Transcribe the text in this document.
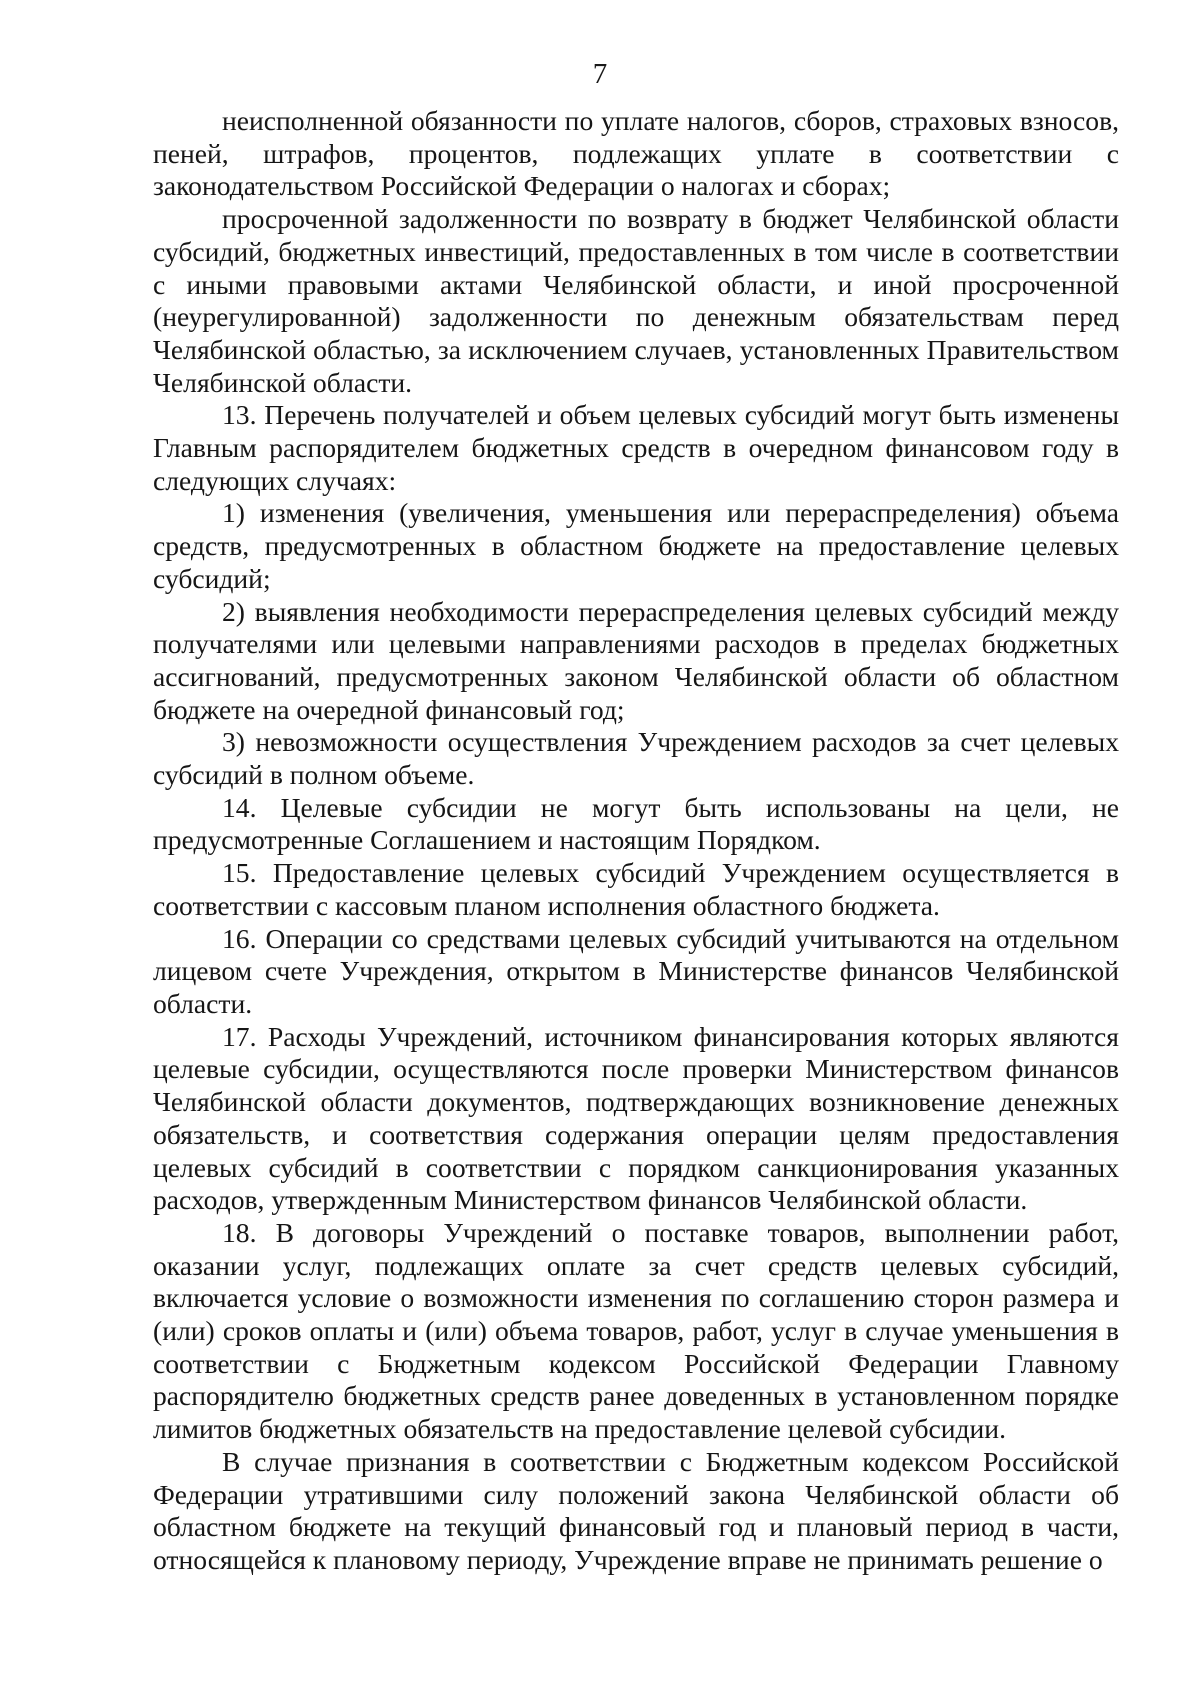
7

неисполненной обязанности по уплате налогов, сборов, страховых взносов, пеней, штрафов, процентов, подлежащих уплате в соответствии с законодательством Российской Федерации о налогах и сборах;

просроченной задолженности по возврату в бюджет Челябинской области субсидий, бюджетных инвестиций, предоставленных в том числе в соответствии с иными правовыми актами Челябинской области, и иной просроченной (неурегулированной) задолженности по денежным обязательствам перед Челябинской областью, за исключением случаев, установленных Правительством Челябинской области.

13. Перечень получателей и объем целевых субсидий могут быть изменены Главным распорядителем бюджетных средств в очередном финансовом году в следующих случаях:

1) изменения (увеличения, уменьшения или перераспределения) объема средств, предусмотренных в областном бюджете на предоставление целевых субсидий;

2) выявления необходимости перераспределения целевых субсидий между получателями или целевыми направлениями расходов в пределах бюджетных ассигнований, предусмотренных законом Челябинской области об областном бюджете на очередной финансовый год;

3) невозможности осуществления Учреждением расходов за счет целевых субсидий в полном объеме.

14. Целевые субсидии не могут быть использованы на цели, не предусмотренные Соглашением и настоящим Порядком.

15. Предоставление целевых субсидий Учреждением осуществляется в соответствии с кассовым планом исполнения областного бюджета.

16. Операции со средствами целевых субсидий учитываются на отдельном лицевом счете Учреждения, открытом в Министерстве финансов Челябинской области.

17. Расходы Учреждений, источником финансирования которых являются целевые субсидии, осуществляются после проверки Министерством финансов Челябинской области документов, подтверждающих возникновение денежных обязательств, и соответствия содержания операции целям предоставления целевых субсидий в соответствии с порядком санкционирования указанных расходов, утвержденным Министерством финансов Челябинской области.

18. В договоры Учреждений о поставке товаров, выполнении работ, оказании услуг, подлежащих оплате за счет средств целевых субсидий, включается условие о возможности изменения по соглашению сторон размера и (или) сроков оплаты и (или) объема товаров, работ, услуг в случае уменьшения в соответствии с Бюджетным кодексом Российской Федерации Главному распорядителю бюджетных средств ранее доведенных в установленном порядке лимитов бюджетных обязательств на предоставление целевой субсидии.

В случае признания в соответствии с Бюджетным кодексом Российской Федерации утратившими силу положений закона Челябинской области об областном бюджете на текущий финансовый год и плановый период в части, относящейся к плановому периоду, Учреждение вправе не принимать решение о
